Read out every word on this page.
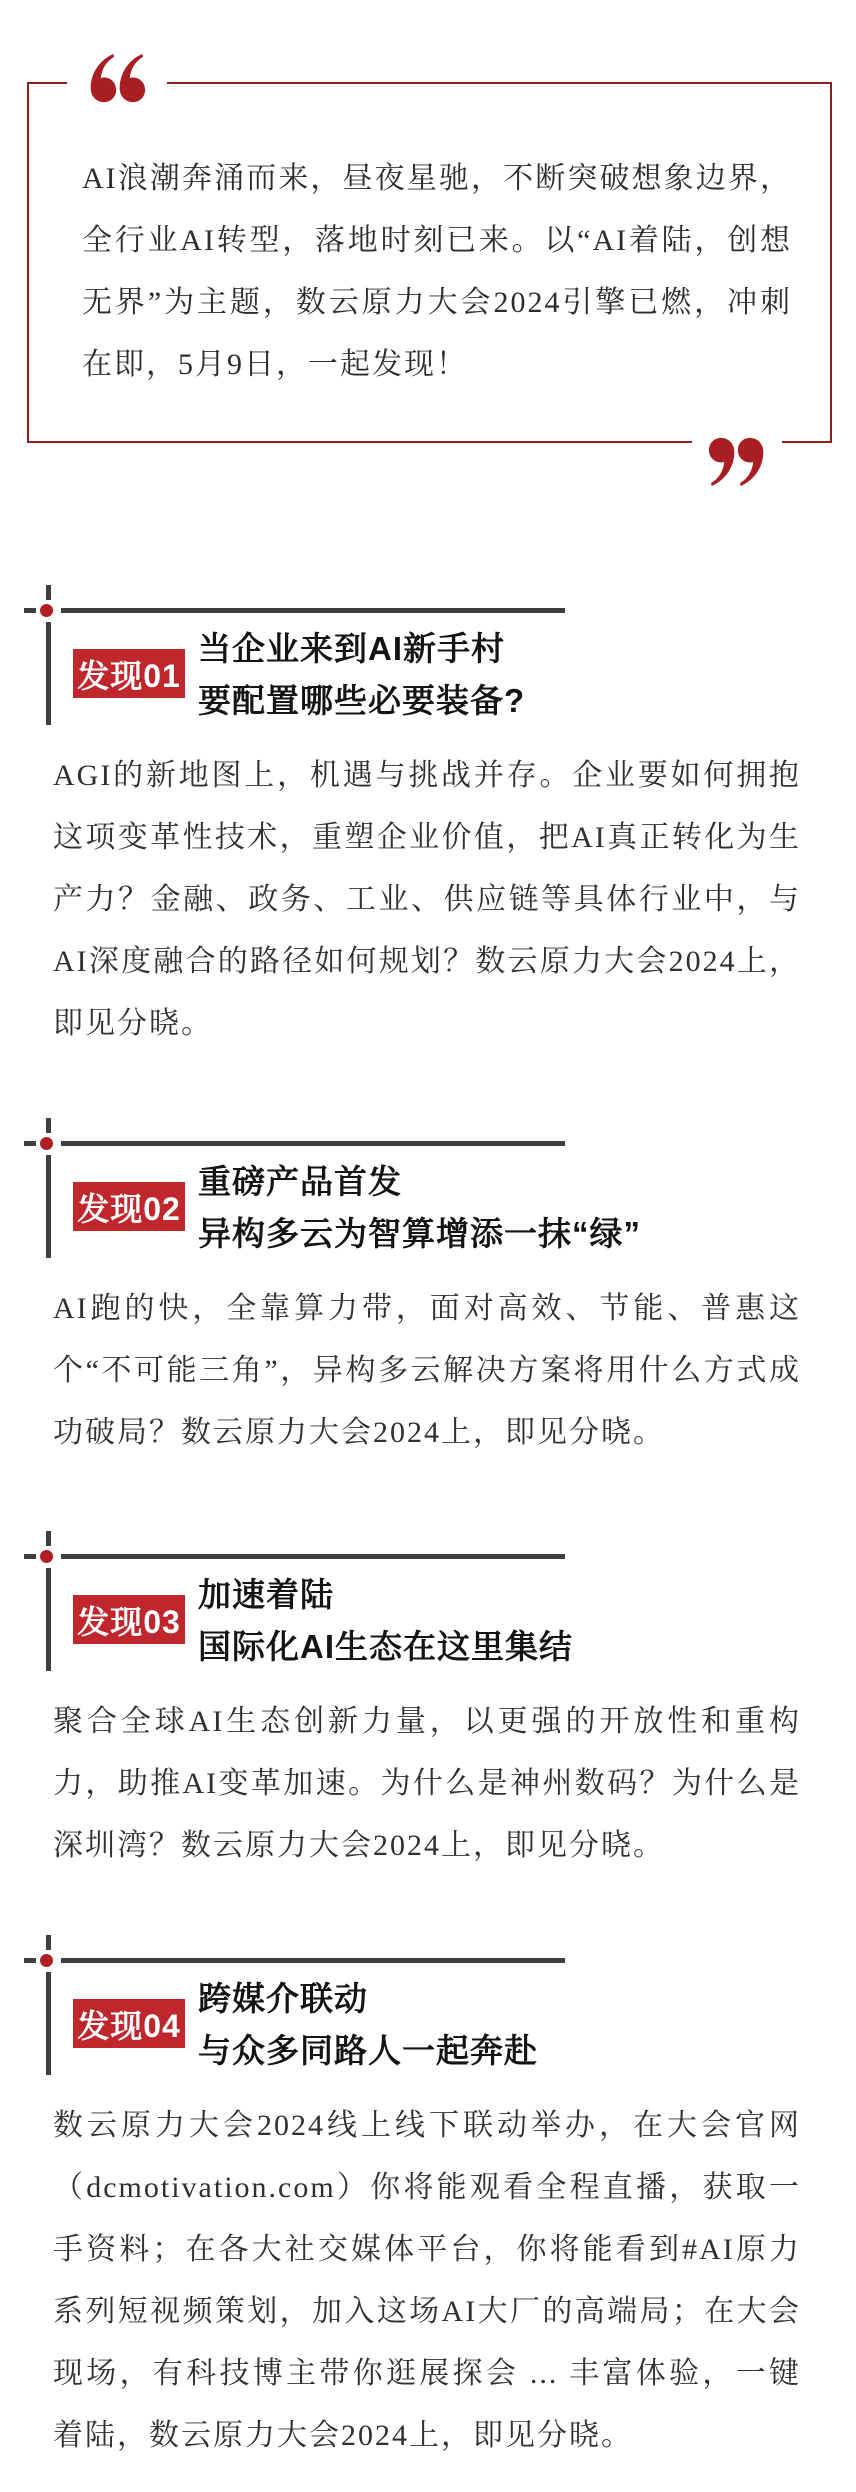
AI浪潮奔涌而来，昼夜星驰，不断突破想象边界，全行业AI转型，落地时刻已来。以“AI着陆，创想无界”为主题，数云原力大会2024引擎已燃，冲刺在即，5月9日，一起发现！
发现01
当企业来到AI新手村
要配置哪些必要装备?
AGI的新地图上，机遇与挑战并存。企业要如何拥抱这项变革性技术，重塑企业价值，把AI真正转化为生产力？金融、政务、工业、供应链等具体行业中，与AI深度融合的路径如何规划？数云原力大会2024上，即见分晓。
发现02
重磅产品首发
异构多云为智算增添一抹“绿”
AI跑的快，全靠算力带，面对高效、节能、普惠这个“不可能三角”，异构多云解决方案将用什么方式成功破局？数云原力大会2024上，即见分晓。
发现03
加速着陆
国际化AI生态在这里集结
聚合全球AI生态创新力量，以更强的开放性和重构力，助推AI变革加速。为什么是神州数码？为什么是深圳湾？数云原力大会2024上，即见分晓。
发现04
跨媒介联动
与众多同路人一起奔赴
数云原力大会2024线上线下联动举办，在大会官网（dcmotivation.com）你将能观看全程直播，获取一手资料；在各大社交媒体平台，你将能看到#AI原力系列短视频策划，加入这场AI大厂的高端局；在大会现场，有科技博主带你逛展探会 ... 丰富体验，一键着陆，数云原力大会2024上，即见分晓。
